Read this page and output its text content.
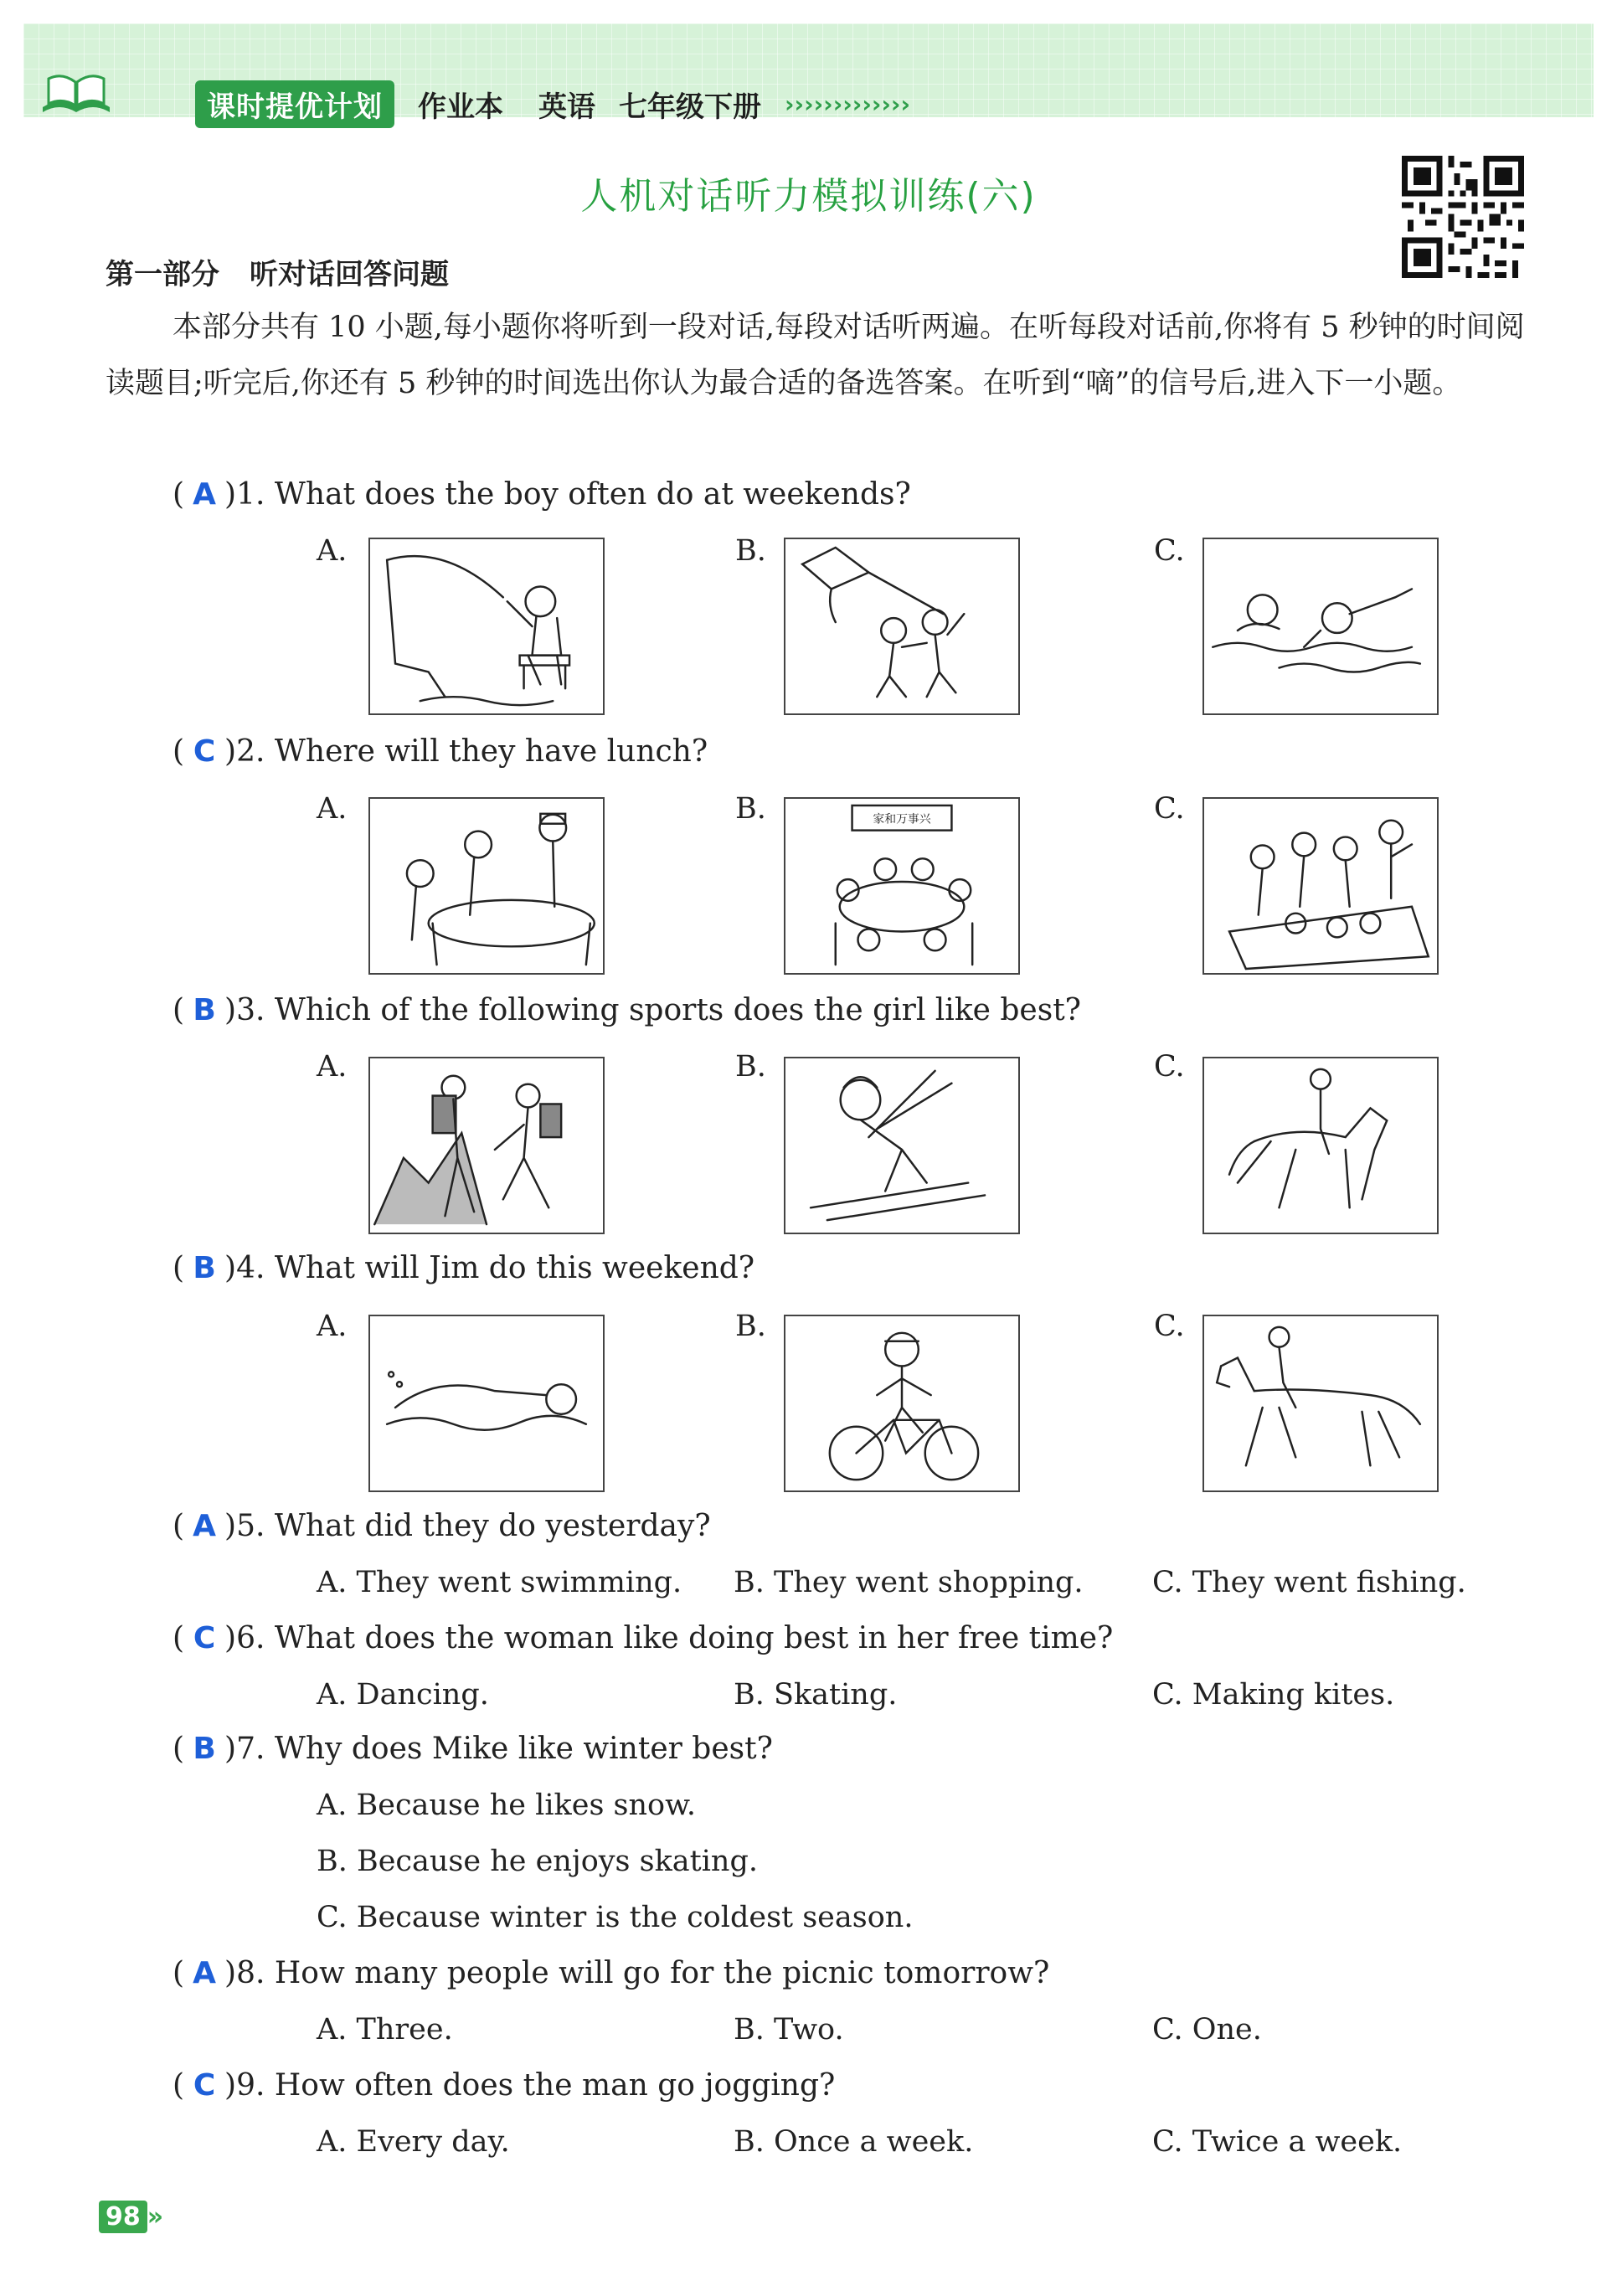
课时提优计划	作业本 英语 七年级下册 ›››››››››››››
人机对话听力模拟训练(六)
第一部分 听对话回答问题
本部分共有 10 小题,每小题你将听到一段对话,每段对话听两遍。在听每段对话前,你将有 5 秒钟的时间阅读题目;听完后,你还有 5 秒钟的时间选出你认为最合适的备选答案。在听到“嘀”的信号后,进入下一小题。
( A )1. What does the boy often do at weekends?
A.	B.	C.
( C )2. Where will they have lunch?
A.	B.	C.
家和万事兴
( B )3. Which of the following sports does the girl like best?
A.	B.	C.
( B )4. What will Jim do this weekend?
A.	B.	C.
( A )5. What did they do yesterday?
A. They went swimming. B. They went shopping. C. They went fishing.
( C )6. What does the woman like doing best in her free time?
A. Dancing.	B. Skating.	C. Making kites.
( B )7. Why does Mike like winter best?
A. Because he likes snow.
B. Because he enjoys skating.
C. Because winter is the coldest season.
( A )8. How many people will go for the picnic tomorrow?
A. Three.	B. Two.	C. One.
( C )9. How often does the man go jogging?
A. Every day.	B. Once a week.	C. Twice a week.
98 »
